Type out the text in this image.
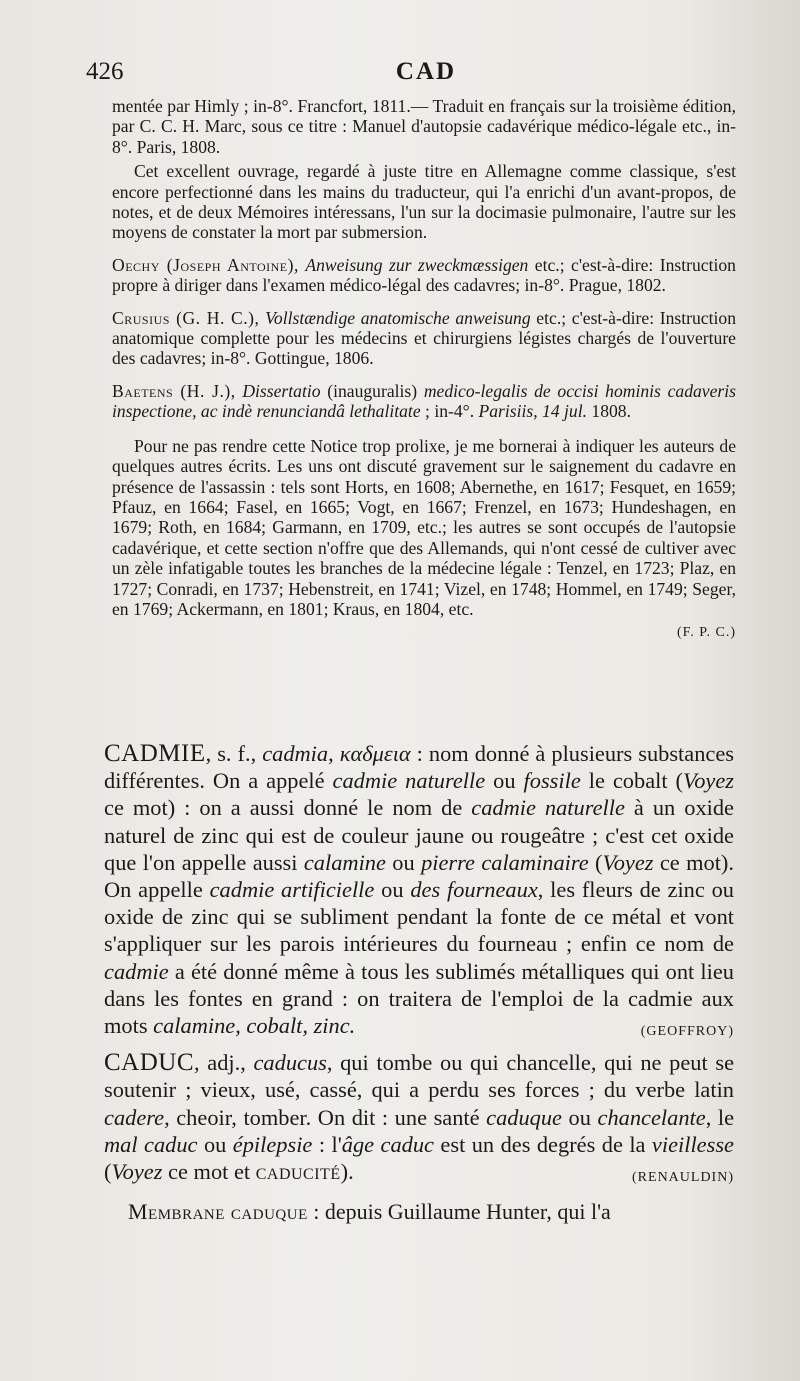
426	CAD

mentée par Himly ; in-8°. Francfort, 1811.— Traduit en français sur la troisième édition, par C. C. H. Marc, sous ce titre : Manuel d'autopsie cadavérique médico-légale etc., in-8°. Paris, 1808.

Cet excellent ouvrage, regardé à juste titre en Allemagne comme classique, s'est encore perfectionné dans les mains du traducteur, qui l'a enrichi d'un avant-propos, de notes, et de deux Mémoires intéressans, l'un sur la docimasie pulmonaire, l'autre sur les moyens de constater la mort par submersion.

Oechy (Joseph Antoine), Anweisung zur zweckmæssigen etc.; c'est-à-dire: Instruction propre à diriger dans l'examen médico-légal des cadavres; in-8°. Prague, 1802.

Crusius (G. H. C.), Vollstændige anatomische anweisung etc.; c'est-à-dire: Instruction anatomique complette pour les médecins et chirurgiens légistes chargés de l'ouverture des cadavres; in-8°. Gottingue, 1806.

Baetens (H. J.), Dissertatio (inauguralis) medico-legalis de occisi hominis cadaveris inspectione, ac indè renunciandâ lethalitate ; in-4°. Parisiis, 14 jul. 1808.

Pour ne pas rendre cette Notice trop prolixe, je me bornerai à indiquer les auteurs de quelques autres écrits. Les uns ont discuté gravement sur le saignement du cadavre en présence de l'assassin : tels sont Horts, en 1608; Abernethe, en 1617; Fesquet, en 1659; Pfauz, en 1664; Fasel, en 1665; Vogt, en 1667; Frenzel, en 1673; Hundeshagen, en 1679; Roth, en 1684; Garmann, en 1709, etc.; les autres se sont occupés de l'autopsie cadavérique, et cette section n'offre que des Allemands, qui n'ont cessé de cultiver avec un zèle infatigable toutes les branches de la médecine légale : Tenzel, en 1723; Plaz, en 1727; Conradi, en 1737; Hebenstreit, en 1741; Vizel, en 1748; Hommel, en 1749; Seger, en 1769; Ackermann, en 1801; Kraus, en 1804, etc.

(F. P. C.)

CADMIE, s. f., cadmia, καδμεια : nom donné à plusieurs substances différentes. On a appelé cadmie naturelle ou fossile le cobalt (Voyez ce mot) : on a aussi donné le nom de cadmie naturelle à un oxide naturel de zinc qui est de couleur jaune ou rougeâtre ; c'est cet oxide que l'on appelle aussi calamine ou pierre calaminaire (Voyez ce mot). On appelle cadmie artificielle ou des fourneaux, les fleurs de zinc ou oxide de zinc qui se subliment pendant la fonte de ce métal et vont s'appliquer sur les parois intérieures du fourneau ; enfin ce nom de cadmie a été donné même à tous les sublimés métalliques qui ont lieu dans les fontes en grand : on traitera de l'emploi de la cadmie aux mots calamine, cobalt, zinc.	(GEOFFROY)

CADUC, adj., caducus, qui tombe ou qui chancelle, qui ne peut se soutenir ; vieux, usé, cassé, qui a perdu ses forces ; du verbe latin cadere, cheoir, tomber. On dit : une santé caduque ou chancelante, le mal caduc ou épilepsie : l'âge caduc est un des degrés de la vieillesse (Voyez ce mot et caducité).	(RENAULDIN)

Membrane caduque : depuis Guillaume Hunter, qui l'a
